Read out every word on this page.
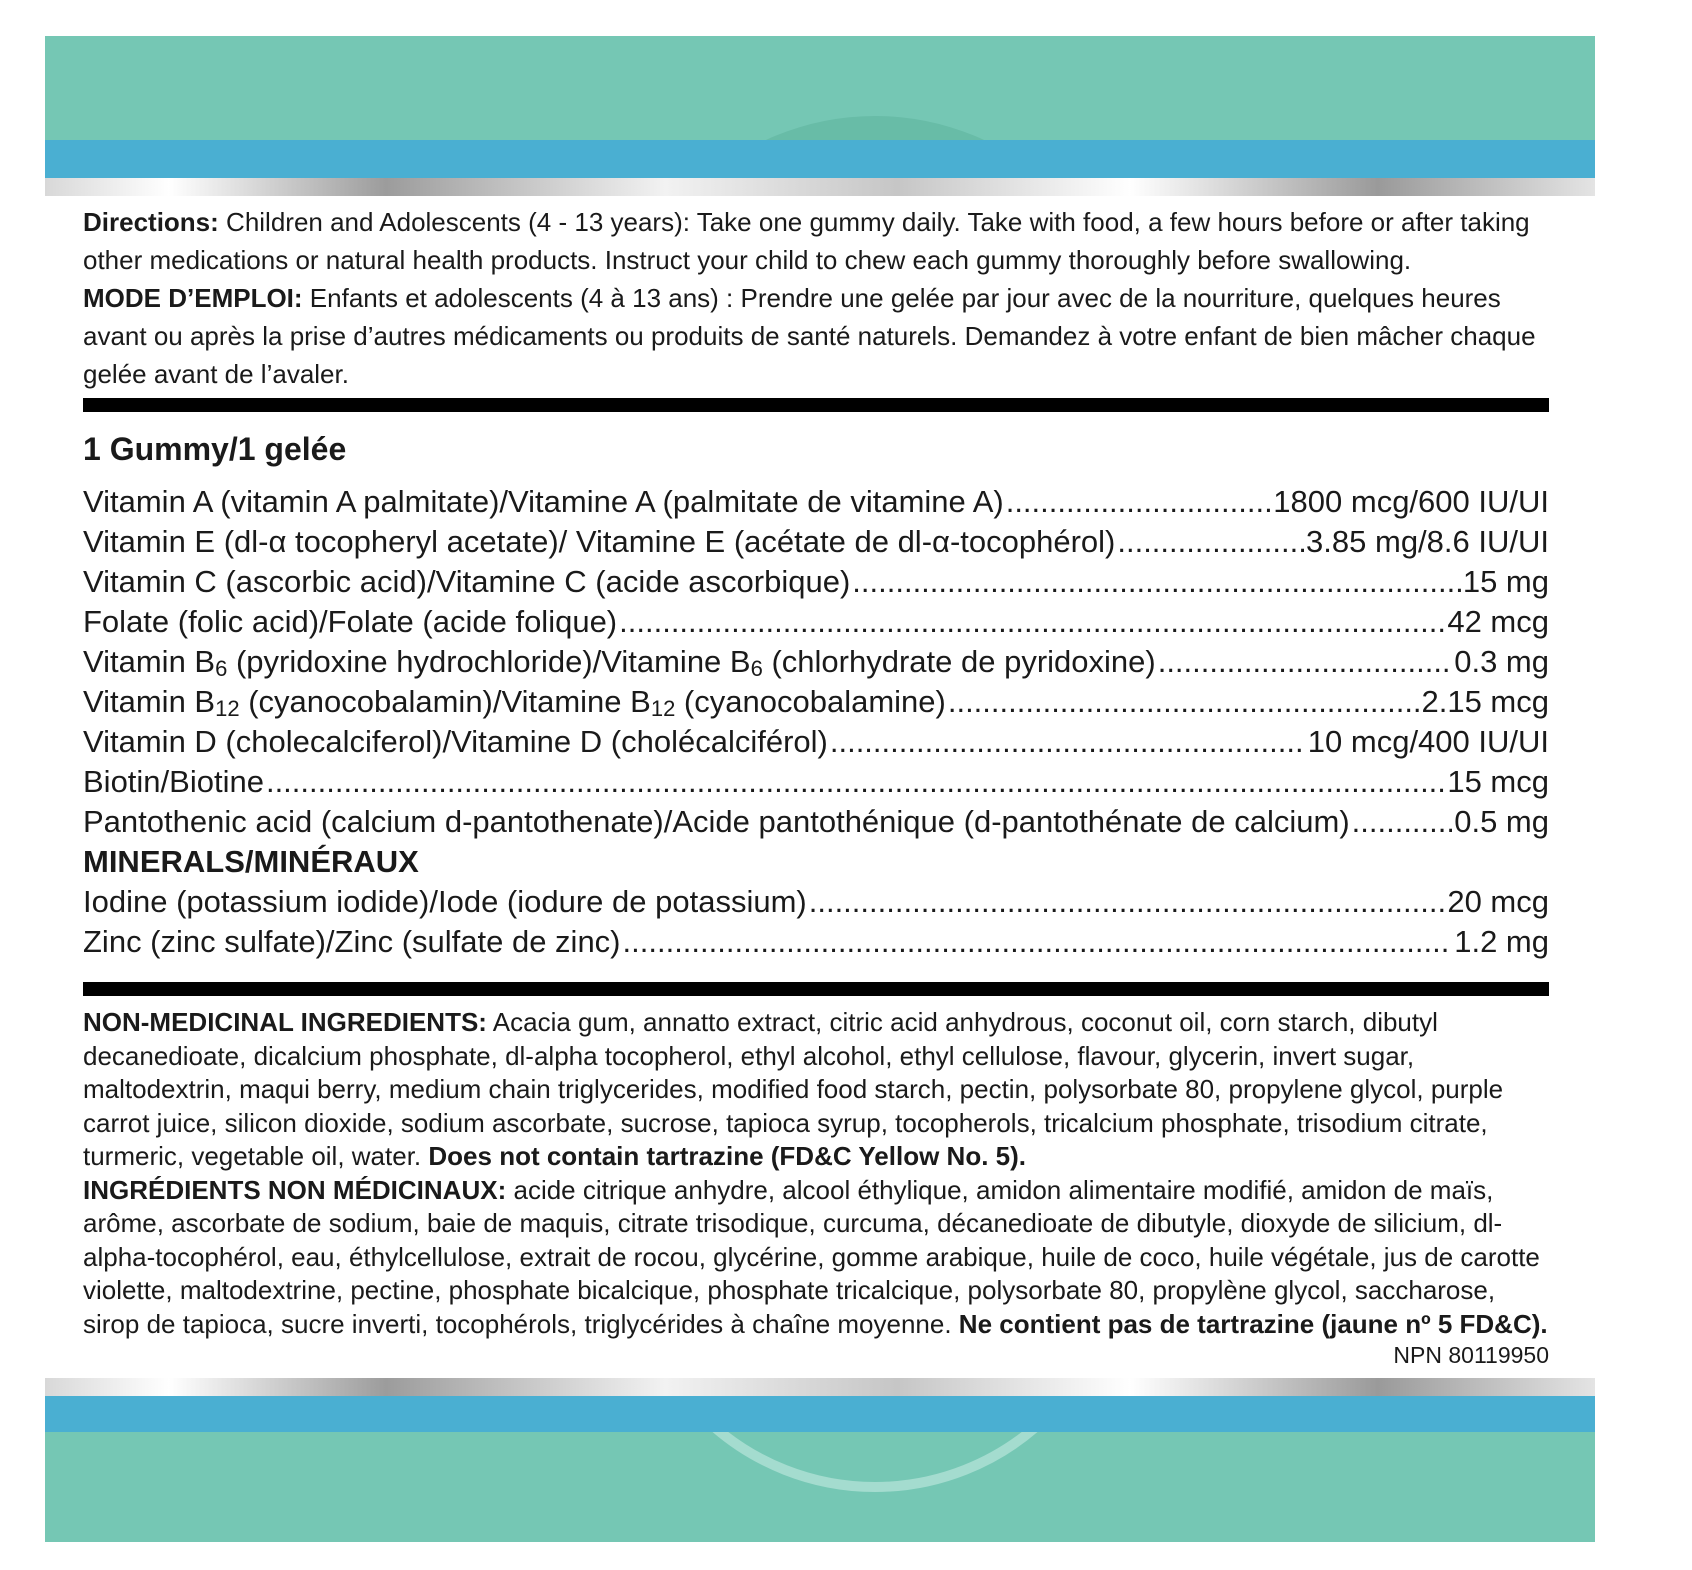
Directions: Children and Adolescents (4 - 13 years): Take one gummy daily. Take with food, a few hours before or after taking other medications or natural health products. Instruct your child to chew each gummy thoroughly before swallowing.

MODE D’EMPLOI: Enfants et adolescents (4 à 13 ans) : Prendre une gelée par jour avec de la nourriture, quelques heures avant ou après la prise d’autres médicaments ou produits de santé naturels. Demandez à votre enfant de bien mâcher chaque gelée avant de l’avaler.

1 Gummy/1 gelée
Vitamin A (vitamin A palmitate)/Vitamine A (palmitate de vitamine A) .....	1800 mcg/600 IU/UI
Vitamin E (dl-α tocopheryl acetate)/ Vitamine E (acétate de dl-α-tocophérol) .....	3.85 mg/8.6 IU/UI
Vitamin C (ascorbic acid)/Vitamine C (acide ascorbique) .....	15 mg
Folate (folic acid)/Folate (acide folique) .....	42 mcg
Vitamin $B_6$ (pyridoxine hydrochloride)/Vitamine $B_6$ (chlorhydrate de pyridoxine) .....	0.3 mg
Vitamin $B_{12}$ (cyanocobalamin)/Vitamine $B_{12}$ (cyanocobalamine) .....	2.15 mcg
Vitamin D (cholecalciferol)/Vitamine D (cholécalciférol) .....	10 mcg/400 IU/UI
Biotin/Biotine .....	15 mcg
Pantothenic acid (calcium d-pantothenate)/Acide pantothénique (d-pantothénate de calcium) .....	0.5 mg
MINERALS/MINÉRAUX
Iodine (potassium iodide)/Iode (iodure de potassium) .....	20 mcg
Zinc (zinc sulfate)/Zinc (sulfate de zinc) .....	1.2 mg

NON-MEDICINAL INGREDIENTS: Acacia gum, annatto extract, citric acid anhydrous, coconut oil, corn starch, dibutyl decanedioate, dicalcium phosphate, dl-alpha tocopherol, ethyl alcohol, ethyl cellulose, flavour, glycerin, invert sugar, maltodextrin, maqui berry, medium chain triglycerides, modified food starch, pectin, polysorbate 80, propylene glycol, purple carrot juice, silicon dioxide, sodium ascorbate, sucrose, tapioca syrup, tocopherols, tricalcium phosphate, trisodium citrate, turmeric, vegetable oil, water. Does not contain tartrazine (FD&C Yellow No. 5).

INGRÉDIENTS NON MÉDICINAUX: acide citrique anhydre, alcool éthylique, amidon alimentaire modifié, amidon de maïs, arôme, ascorbate de sodium, baie de maquis, citrate trisodique, curcuma, décanedioate de dibutyle, dioxyde de silicium, dl-alpha-tocophérol, eau, éthylcellulose, extrait de rocou, glycérine, gomme arabique, huile de coco, huile végétale, jus de carotte violette, maltodextrine, pectine, phosphate bicalcique, phosphate tricalcique, polysorbate 80, propylène glycol, saccharose, sirop de tapioca, sucre inverti, tocophérols, triglycérides à chaîne moyenne. Ne contient pas de tartrazine (jaune nº 5 FD&C).

NPN 80119950
